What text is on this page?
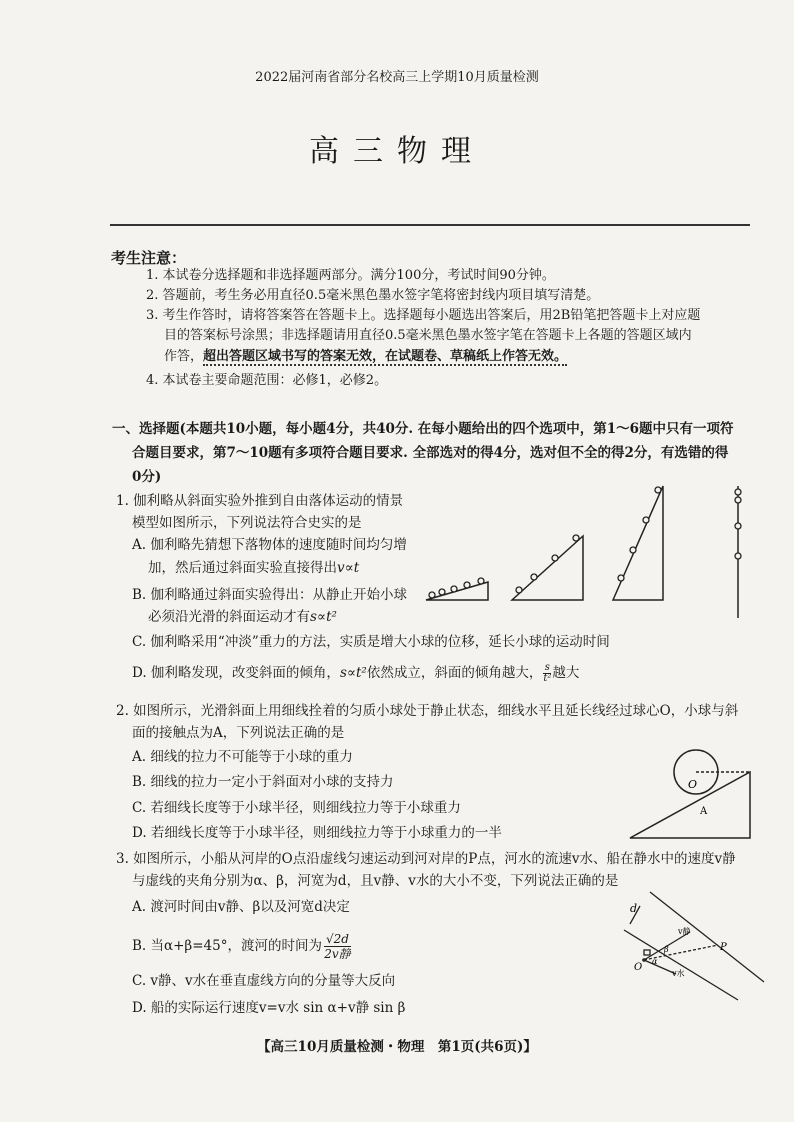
2022届河南省部分名校高三上学期10月质量检测
高三物理
考生注意：
1. 本试卷分选择题和非选择题两部分。满分100分，考试时间90分钟。
2. 答题前，考生务必用直径0.5毫米黑色墨水签字笔将密封线内项目填写清楚。
3. 考生作答时，请将答案答在答题卡上。选择题每小题选出答案后，用2B铅笔把答题卡上对应题
目的答案标号涂黑；非选择题请用直径0.5毫米黑色墨水签字笔在答题卡上各题的答题区域内
作答，超出答题区域书写的答案无效，在试题卷、草稿纸上作答无效。
4. 本试卷主要命题范围：必修1，必修2。
一、选择题(本题共10小题，每小题4分，共40分. 在每小题给出的四个选项中，第1～6题中只有一项符
合题目要求，第7～10题有多项符合题目要求. 全部选对的得4分，选对但不全的得2分，有选错的得
0分)
1. 伽利略从斜面实验外推到自由落体运动的情景
模型如图所示，下列说法符合史实的是
A. 伽利略先猜想下落物体的速度随时间均匀增
加，然后通过斜面实验直接得出v∝t
B. 伽利略通过斜面实验得出：从静止开始小球
必须沿光滑的斜面运动才有s∝t²
C. 伽利略采用“冲淡”重力的方法，实质是增大小球的位移，延长小球的运动时间
D. 伽利略发现，改变斜面的倾角，s∝t²依然成立，斜面的倾角越大， $\frac{s}{\text{t²}}$ 越大
2. 如图所示，光滑斜面上用细线拴着的匀质小球处于静止状态，细线水平且延长线经过球心O，小球与斜
面的接触点为A，下列说法正确的是
A. 细线的拉力不可能等于小球的重力
B. 细线的拉力一定小于斜面对小球的支持力
C. 若细线长度等于小球半径，则细线拉力等于小球重力
D. 若细线长度等于小球半径，则细线拉力等于小球重力的一半
O
A
3. 如图所示，小船从河岸的O点沿虚线匀速运动到河对岸的P点，河水的流速v水、船在静水中的速度v静
与虚线的夹角分别为α、β，河宽为d，且v静、v水的大小不变，下列说法正确的是
A. 渡河时间由v静、β以及河宽d决定
B. 当α+β=45°，渡河的时间为 √2d
2v静
C. v静、v水在垂直虚线方向的分量等大反向
D. 船的实际运行速度v=v水 sin α+v静 sin β
d
O
P
v静
v水
β
α
【高三10月质量检测・物理　第1页(共6页)】
